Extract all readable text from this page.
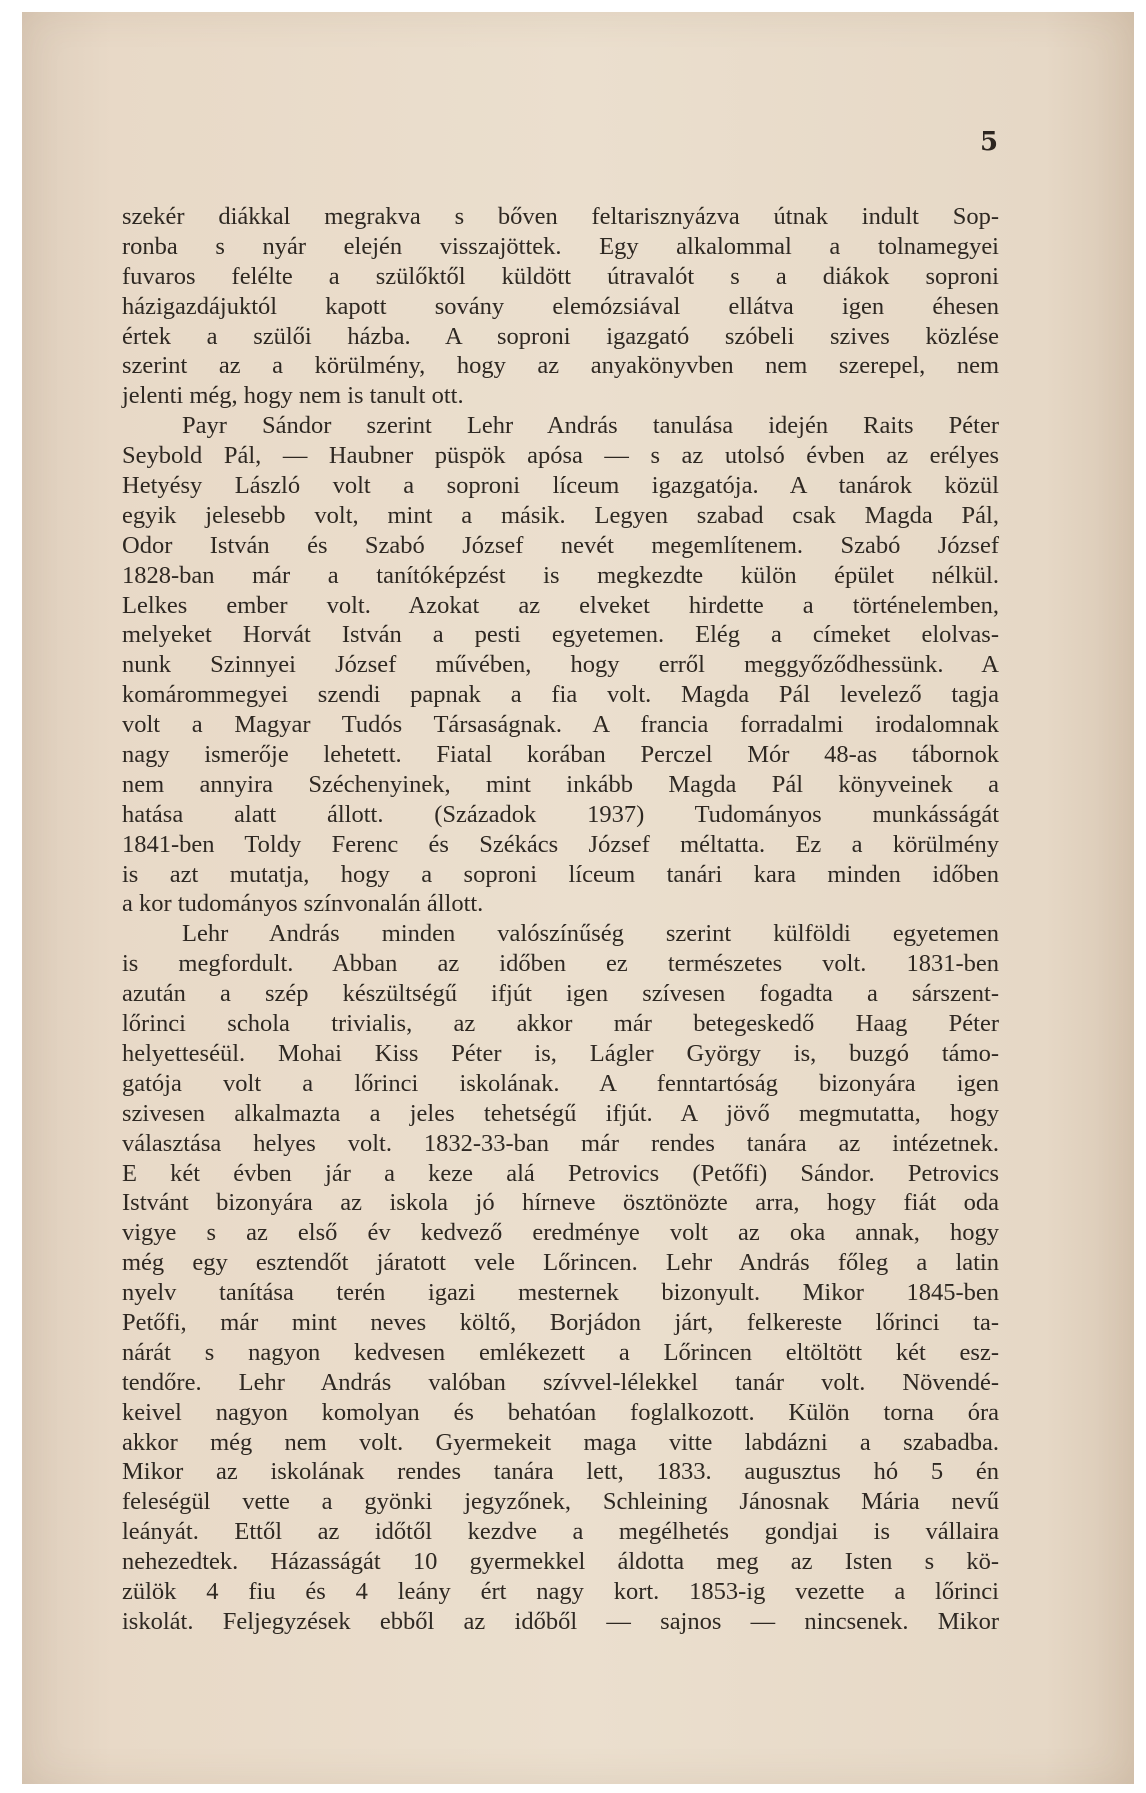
5
szekér diákkal megrakva s bőven feltarisznyázva útnak indult Sop-
ronba s nyár elején visszajöttek. Egy alkalommal a tolnamegyei
fuvaros felélte a szülőktől küldött útravalót s a diákok soproni
házigazdájuktól kapott sovány elemózsiával ellátva igen éhesen
értek a szülői házba. A soproni igazgató szóbeli szives közlése
szerint az a körülmény, hogy az anyakönyvben nem szerepel, nem
jelenti még, hogy nem is tanult ott.
Payr Sándor szerint Lehr András tanulása idején Raits Péter
Seybold Pál, — Haubner püspök apósa — s az utolsó évben az erélyes
Hetyésy László volt a soproni líceum igazgatója. A tanárok közül
egyik jelesebb volt, mint a másik. Legyen szabad csak Magda Pál,
Odor István és Szabó József nevét megemlítenem. Szabó József
1828-ban már a tanítóképzést is megkezdte külön épület nélkül.
Lelkes ember volt. Azokat az elveket hirdette a történelemben,
melyeket Horvát István a pesti egyetemen. Elég a címeket elolvas-
nunk Szinnyei József művében, hogy erről meggyőződhessünk. A
komárommegyei szendi papnak a fia volt. Magda Pál levelező tagja
volt a Magyar Tudós Társaságnak. A francia forradalmi irodalomnak
nagy ismerője lehetett. Fiatal korában Perczel Mór 48-as tábornok
nem annyira Széchenyinek, mint inkább Magda Pál könyveinek a
hatása alatt állott. (Századok 1937) Tudományos munkásságát
1841-ben Toldy Ferenc és Székács József méltatta. Ez a körülmény
is azt mutatja, hogy a soproni líceum tanári kara minden időben
a kor tudományos színvonalán állott.
Lehr András minden valószínűség szerint külföldi egyetemen
is megfordult. Abban az időben ez természetes volt. 1831-ben
azután a szép készültségű ifjút igen szívesen fogadta a sárszent-
lőrinci schola trivialis, az akkor már betegeskedő Haag Péter
helyetteséül. Mohai Kiss Péter is, Lágler György is, buzgó támo-
gatója volt a lőrinci iskolának. A fenntartóság bizonyára igen
szivesen alkalmazta a jeles tehetségű ifjút. A jövő megmutatta, hogy
választása helyes volt. 1832-33-ban már rendes tanára az intézetnek.
E két évben jár a keze alá Petrovics (Petőfi) Sándor. Petrovics
Istvánt bizonyára az iskola jó hírneve ösztönözte arra, hogy fiát oda
vigye s az első év kedvező eredménye volt az oka annak, hogy
még egy esztendőt járatott vele Lőrincen. Lehr András főleg a latin
nyelv tanítása terén igazi mesternek bizonyult. Mikor 1845-ben
Petőfi, már mint neves költő, Borjádon járt, felkereste lőrinci ta-
nárát s nagyon kedvesen emlékezett a Lőrincen eltöltött két esz-
tendőre. Lehr András valóban szívvel-lélekkel tanár volt. Növendé-
keivel nagyon komolyan és behatóan foglalkozott. Külön torna óra
akkor még nem volt. Gyermekeit maga vitte labdázni a szabadba.
Mikor az iskolának rendes tanára lett, 1833. augusztus hó 5 én
feleségül vette a gyönki jegyzőnek, Schleining Jánosnak Mária nevű
leányát. Ettől az időtől kezdve a megélhetés gondjai is vállaira
nehezedtek. Házasságát 10 gyermekkel áldotta meg az Isten s kö-
zülök 4 fiu és 4 leány ért nagy kort. 1853-ig vezette a lőrinci
iskolát. Feljegyzések ebből az időből — sajnos — nincsenek. Mikor
